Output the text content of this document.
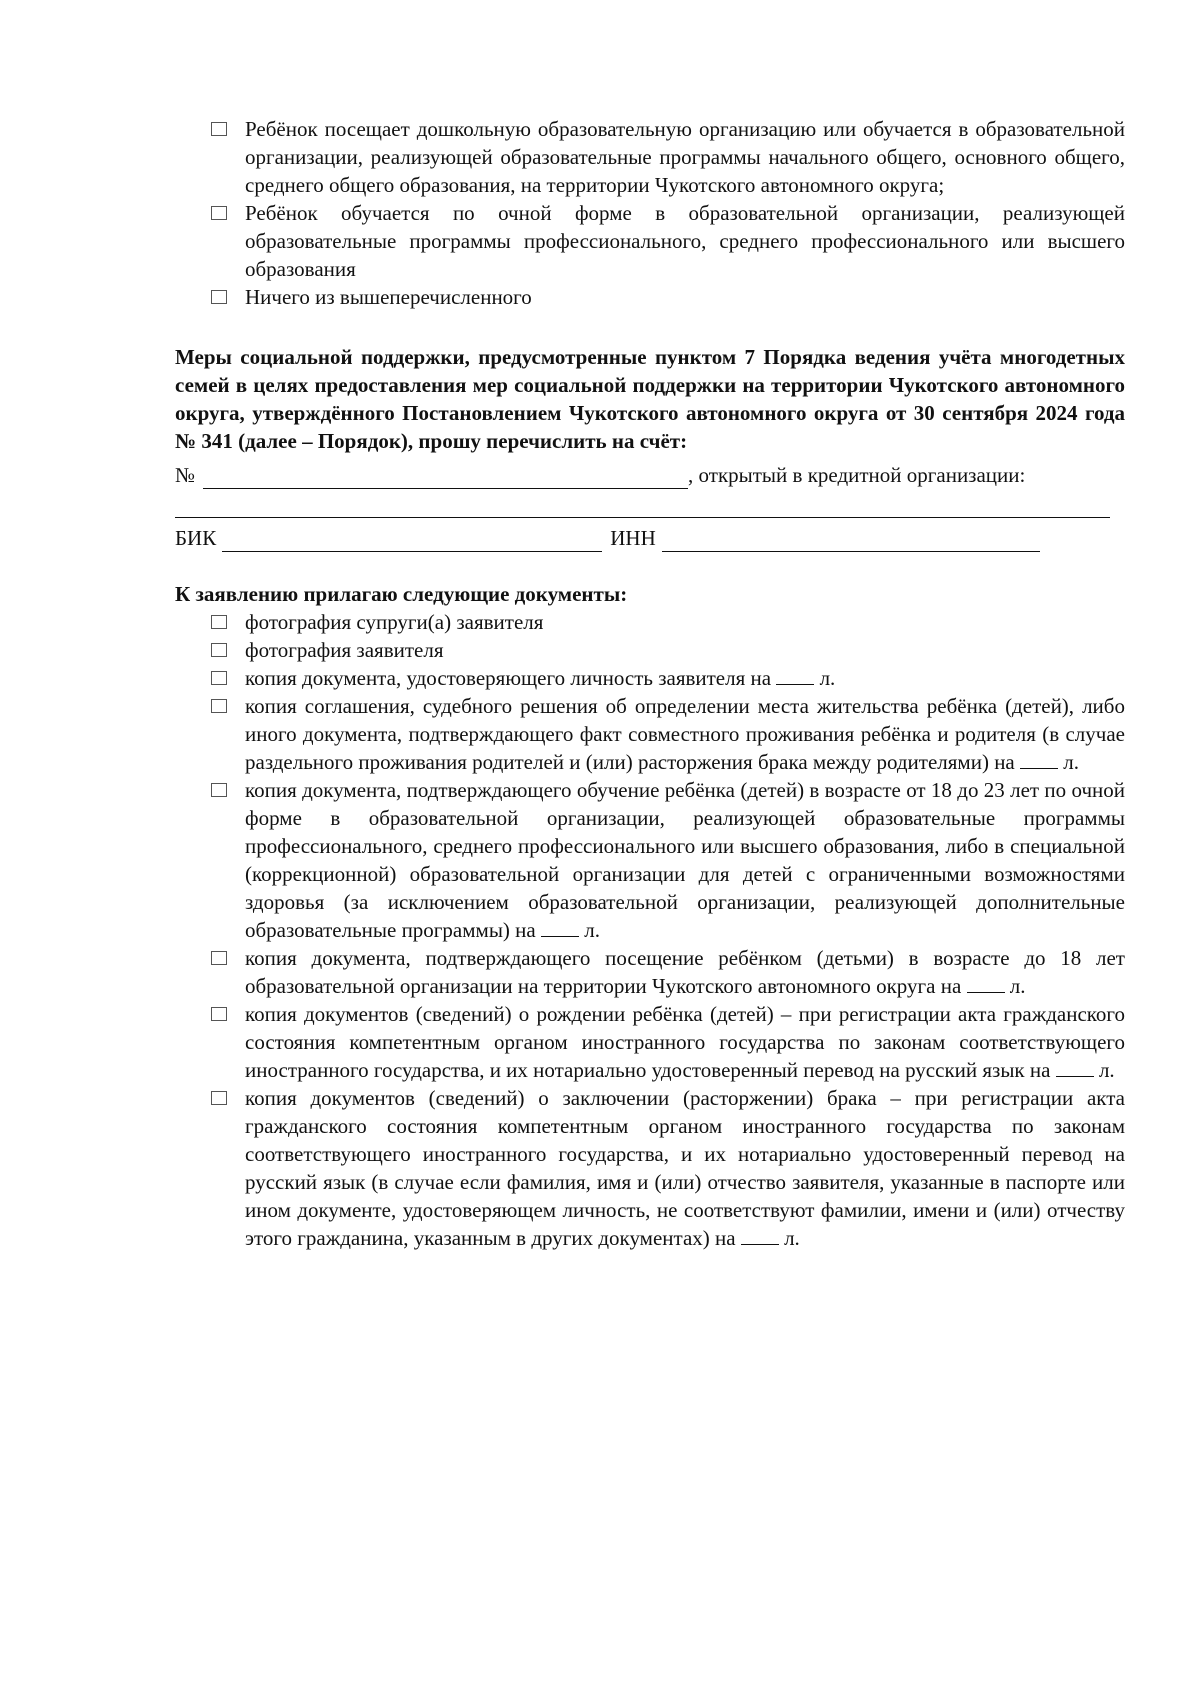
Ребёнок посещает дошкольную образовательную организацию или обучается в образовательной организации, реализующей образовательные программы начального общего, основного общего, среднего общего образования, на территории Чукотского автономного округа;
Ребёнок обучается по очной форме в образовательной организации, реализующей образовательные программы профессионального, среднего профессионального или высшего образования
Ничего из вышеперечисленного
Меры социальной поддержки, предусмотренные пунктом 7 Порядка ведения учёта многодетных семей в целях предоставления мер социальной поддержки на территории Чукотского автономного округа, утверждённого Постановлением Чукотского автономного округа от 30 сентября 2024 года № 341 (далее – Порядок), прошу перечислить на счёт:
№	, открытый в кредитной организации:
БИК	ИНН
К заявлению прилагаю следующие документы:
фотография супруги(а) заявителя
фотография заявителя
копия документа, удостоверяющего личность заявителя на л.
копия соглашения, судебного решения об определении места жительства ребёнка (детей), либо иного документа, подтверждающего факт совместного проживания ребёнка и родителя (в случае раздельного проживания родителей и (или) расторжения брака между родителями) на л.
копия документа, подтверждающего обучение ребёнка (детей) в возрасте от 18 до 23 лет по очной форме в образовательной организации, реализующей образовательные программы профессионального, среднего профессионального или высшего образования, либо в специальной (коррекционной) образовательной организации для детей с ограниченными возможностями здоровья (за исключением образовательной организации, реализующей дополнительные образовательные программы) на л.
копия документа, подтверждающего посещение ребёнком (детьми) в возрасте до 18 лет образовательной организации на территории Чукотского автономного округа на л.
копия документов (сведений) о рождении ребёнка (детей) – при регистрации акта гражданского состояния компетентным органом иностранного государства по законам соответствующего иностранного государства, и их нотариально удостоверенный перевод на русский язык на л.
копия документов (сведений) о заключении (расторжении) брака – при регистрации акта гражданского состояния компетентным органом иностранного государства по законам соответствующего иностранного государства, и их нотариально удостоверенный перевод на русский язык (в случае если фамилия, имя и (или) отчество заявителя, указанные в паспорте или ином документе, удостоверяющем личность, не соответствуют фамилии, имени и (или) отчеству этого гражданина, указанным в других документах) на л.
